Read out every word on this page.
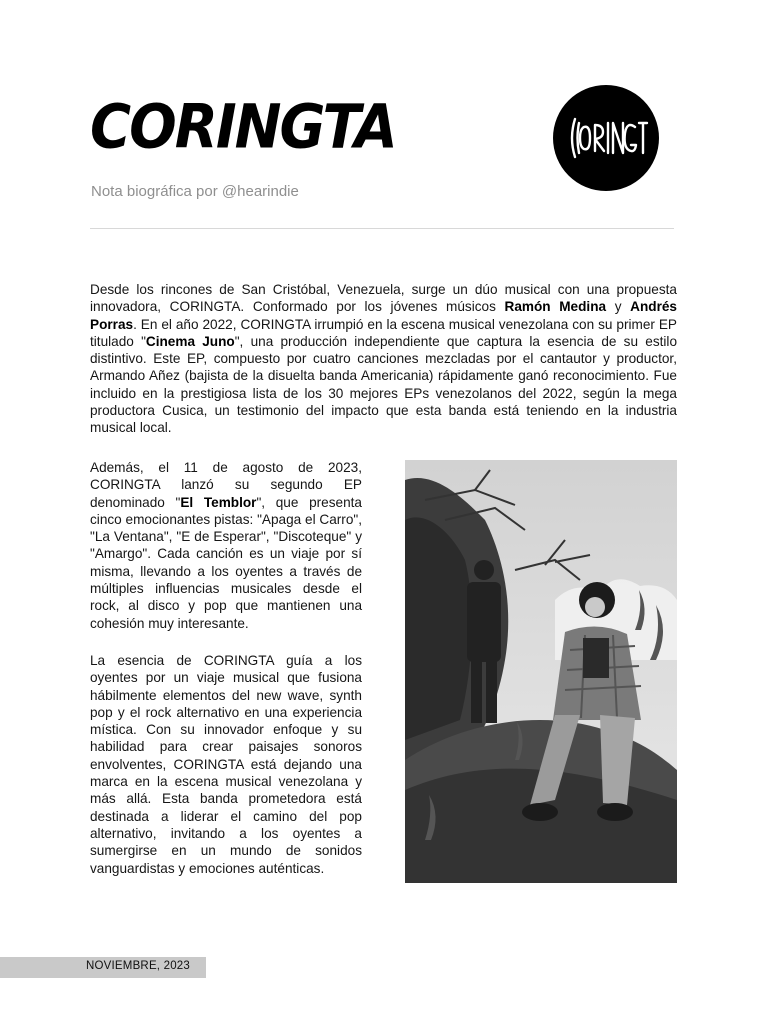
CORINGTA
Nota biográfica por @hearindie

Desde los rincones de San Cristóbal, Venezuela, surge un dúo musical con una propuesta innovadora, CORINGTA. Conformado por los jóvenes músicos Ramón Medina y Andrés Porras. En el año 2022, CORINGTA irrumpió en la escena musical venezolana con su primer EP titulado "Cinema Juno", una producción independiente que captura la esencia de su estilo distintivo. Este EP, compuesto por cuatro canciones mezcladas por el cantautor y productor, Armando Añez (bajista de la disuelta banda Americania) rápidamente ganó reconocimiento. Fue incluido en la prestigiosa lista de los 30 mejores EPs venezolanos del 2022, según la mega productora Cusica, un testimonio del impacto que esta banda está teniendo en la industria musical local.

Además, el 11 de agosto de 2023, CORINGTA lanzó su segundo EP denominado "El Temblor", que presenta cinco emocionantes pistas: "Apaga el Carro", "La Ventana", "E de Esperar", "Discoteque" y "Amargo". Cada canción es un viaje por sí misma, llevando a los oyentes a través de múltiples influencias musicales desde el rock, al disco y pop que mantienen una cohesión muy interesante.

La esencia de CORINGTA guía a los oyentes por un viaje musical que fusiona hábilmente elementos del new wave, synth pop y el rock alternativo en una experiencia mística. Con su innovador enfoque y su habilidad para crear paisajes sonoros envolventes, CORINGTA está dejando una marca en la escena musical venezolana y más allá. Esta banda prometedora está destinada a liderar el camino del pop alternativo, invitando a los oyentes a sumergirse en un mundo de sonidos vanguardistas y emociones auténticas.

NOVIEMBRE, 2023
